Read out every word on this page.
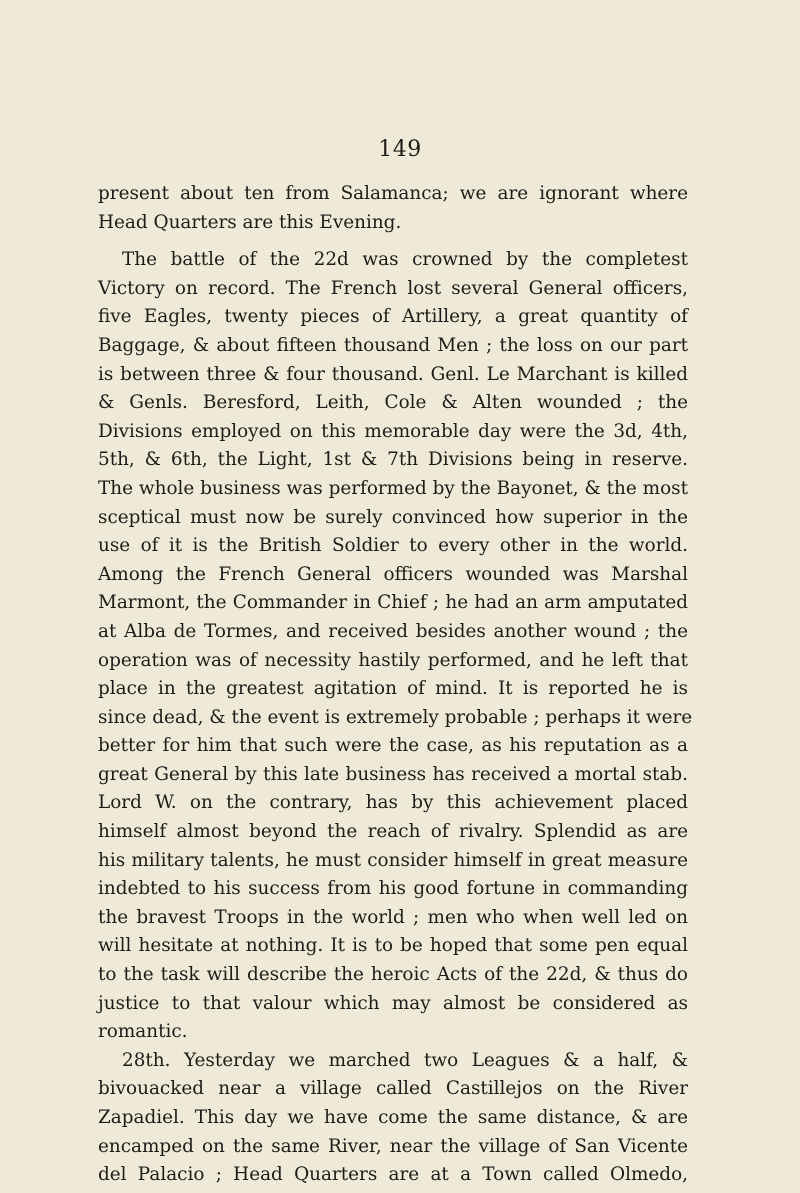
149
present about ten from Salamanca; we are ignorant where
Head Quarters are this Evening.
The battle of the 22d was crowned by the completest
Victory on record. The French lost several General officers,
five Eagles, twenty pieces of Artillery, a great quantity of
Baggage, & about fifteen thousand Men ; the loss on our part
is between three & four thousand. Genl. Le Marchant is killed
& Genls. Beresford, Leith, Cole & Alten wounded ; the
Divisions employed on this memorable day were the 3d, 4th,
5th, & 6th, the Light, 1st & 7th Divisions being in reserve.
The whole business was performed by the Bayonet, & the most
sceptical must now be surely convinced how superior in the
use of it is the British Soldier to every other in the world.
Among the French General officers wounded was Marshal
Marmont, the Commander in Chief ; he had an arm amputated
at Alba de Tormes, and received besides another wound ; the
operation was of necessity hastily performed, and he left that
place in the greatest agitation of mind. It is reported he is
since dead, & the event is extremely probable ; perhaps it were
better for him that such were the case, as his reputation as a
great General by this late business has received a mortal stab.
Lord W. on the contrary, has by this achievement placed
himself almost beyond the reach of rivalry. Splendid as are
his military talents, he must consider himself in great measure
indebted to his success from his good fortune in commanding
the bravest Troops in the world ; men who when well led on
will hesitate at nothing. It is to be hoped that some pen equal
to the task will describe the heroic Acts of the 22d, & thus do
justice to that valour which may almost be considered as
romantic.
28th. Yesterday we marched two Leagues & a half, &
bivouacked near a village called Castillejos on the River
Zapadiel. This day we have come the same distance, & are
encamped on the same River, near the village of San Vicente
del Palacio ; Head Quarters are at a Town called Olmedo,
